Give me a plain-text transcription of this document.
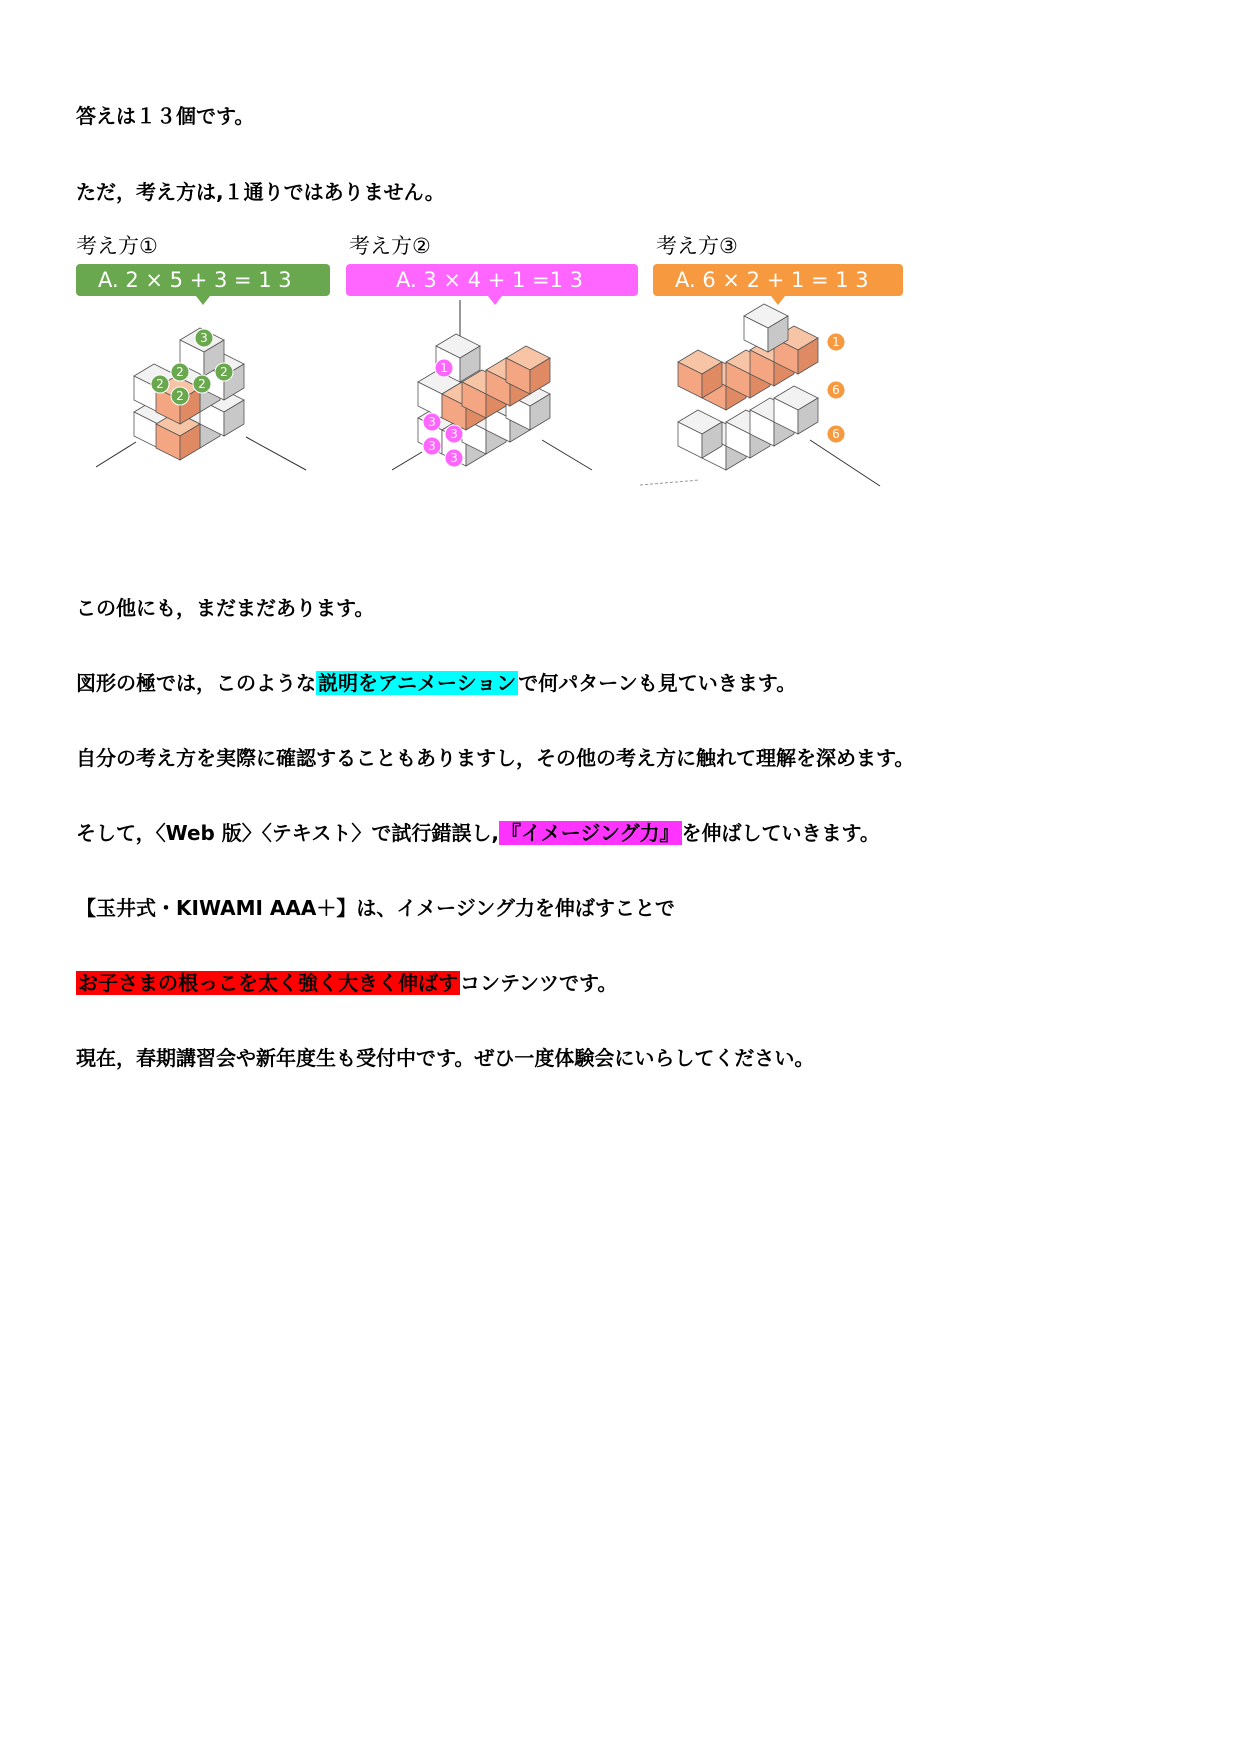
答えは１３個です。
ただ，考え方は,１通りではありません。
考え方①	考え方②	考え方③
A. 2 × 5 + 3 = 1 3	A. 3 × 4 + 1 =1 3	A. 6 × 2 + 1 = 1 3
3
2
2
2
2
2
1
3
3
3
3
1
6
6
この他にも，まだまだあります。
図形の極では，このような 説明をアニメーション で何パターンも見ていきます。
自分の考え方を実際に確認することもありますし，その他の考え方に触れて理解を深めます。
そして，〈Web 版〉〈テキスト〉で試行錯誤し, 『イメージング力』 を伸ばしていきます。
【玉井式・KIWAMI AAA＋】は、イメージング力を伸ばすことで
お子さまの根っこを太く強く大きく伸ばす コンテンツです。
現在，春期講習会や新年度生も受付中です。ぜひ一度体験会にいらしてください。
